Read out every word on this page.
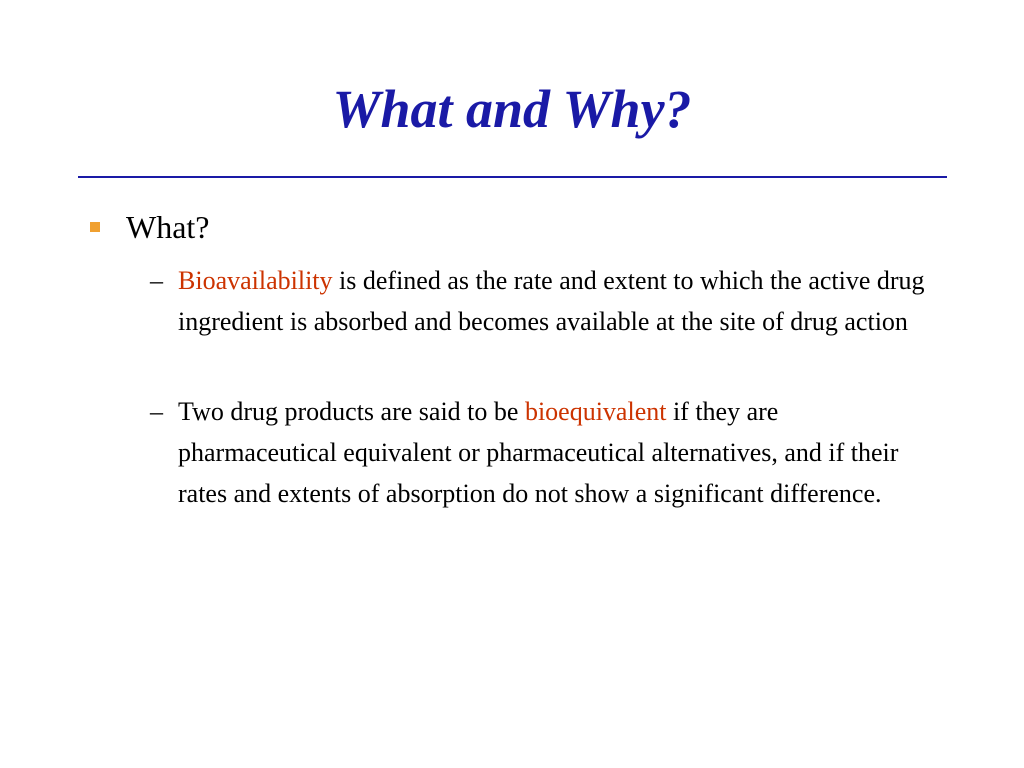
What and Why?
What?
– Bioavailability is defined as the rate and extent to which the active drug ingredient is absorbed and becomes available at the site of drug action
– Two drug products are said to be bioequivalent if they are pharmaceutical equivalent or pharmaceutical alternatives, and if their rates and extents of absorption do not show a significant difference.
